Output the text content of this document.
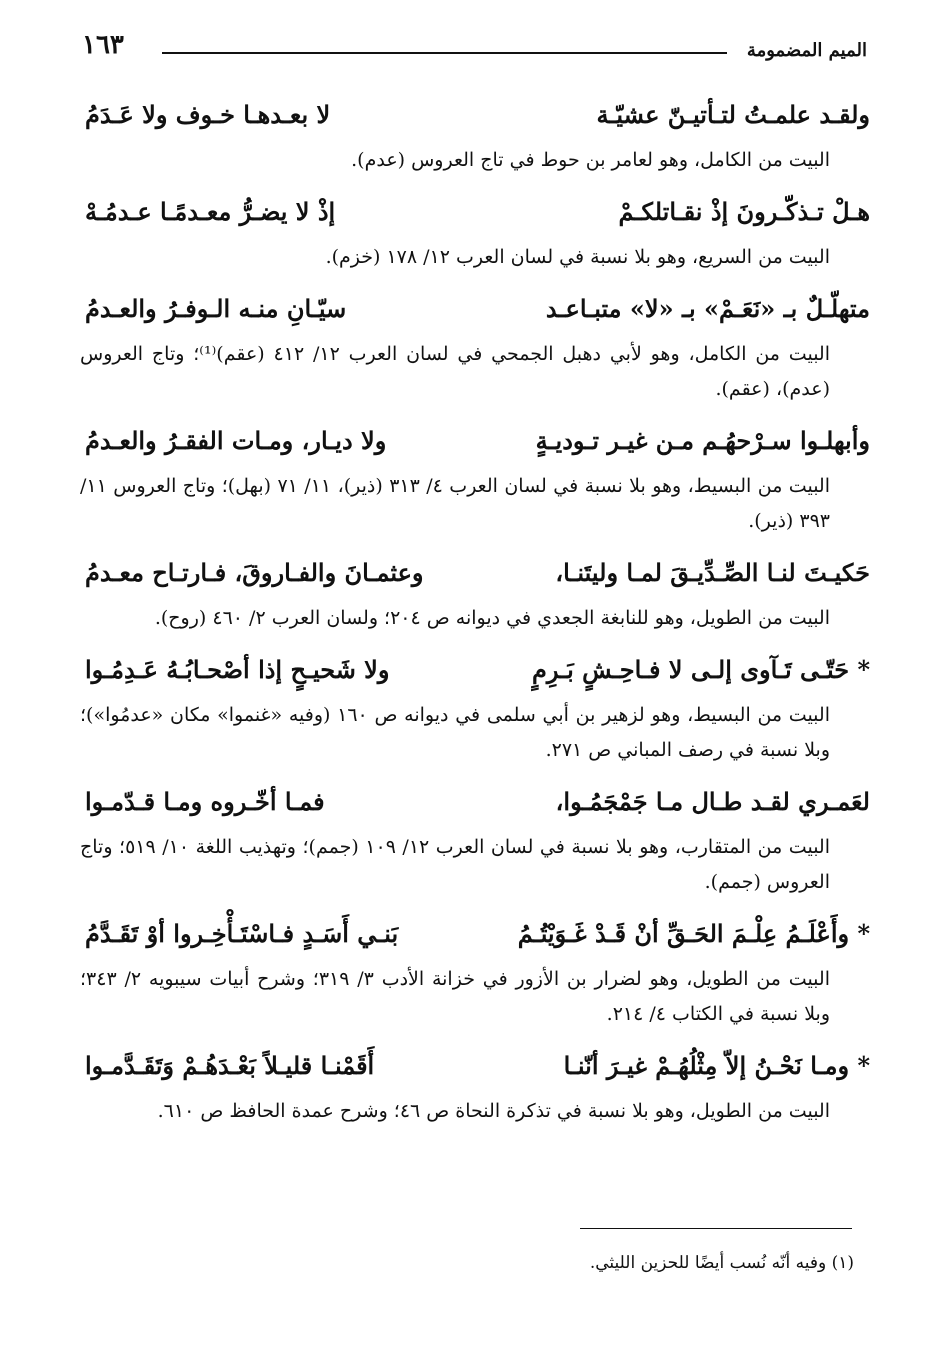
الميم المضمومة
١٦٣
ولقـد علمـتُ لتـأتيـنّ عشيّـة
لا بعـدهـا خـوف ولا عَـدَمُ
البيت من الكامل، وهو لعامر بن حوط في تاج العروس (عدم).
هـلْ تـذكّـرونَ إذْ نقـاتلكـمْ
إذْ لا يضـرُّ معـدمًـا عـدمُـهْ
البيت من السريع، وهو بلا نسبة في لسان العرب ١٢/ ١٧٨ (خزم).
متهلّـلٌ بـ «نَعَـمْ» بـ «لا» متبـاعـد
سيّـانِ منـه الـوفـرُ والعـدمُ
البيت من الكامل، وهو لأبي دهبل الجمحي في لسان العرب ١٢/ ٤١٢ (عقم)⁽¹⁾؛ وتاج العروس (عدم)، (عقم).
وأبهلـوا سـرْحهُـم مـن غيـر تـوديـةٍ
ولا ديـار، ومـات الفقـرُ والعـدمُ
البيت من البسيط، وهو بلا نسبة في لسان العرب ٤/ ٣١٣ (ذير)، ١١/ ٧١ (بهل)؛ وتاج العروس ١١/ ٣٩٣ (ذير).
حَكيـتَ لنـا الصِّـدِّيـقَ لمـا وليتَنـا،
وعثمـانَ والفـاروقَ، فـارتـاح معـدمُ
البيت من الطويل، وهو للنابغة الجعدي في ديوانه ص ٢٠٤؛ ولسان العرب ٢/ ٤٦٠ (روح).
* حَتّـى تَـآوى إلـى لا فـاحِـشٍ بَـرِمٍ
ولا شَحيـحٍ إذا أصْحـابُـهُ عَـدِمُـوا
البيت من البسيط، وهو لزهير بن أبي سلمى في ديوانه ص ١٦٠ (وفيه «غنموا» مكان «عدمُوا»)؛ وبلا نسبة في رصف المباني ص ٢٧١.
لعَمـري لقـد طـال مـا جَمْجَمُـوا،
فمـا أخّـروه ومـا قـدّمـوا
البيت من المتقارب، وهو بلا نسبة في لسان العرب ١٢/ ١٠٩ (جمم)؛ وتهذيب اللغة ١٠/ ٥١٩؛ وتاج العروس (جمم).
* وأَعْلَـمُ عِلْـمَ الحَـقِّ أنْ قَـدْ غَـوَيْتُـمُ
بَنـي أَسَـدٍ فـاسْتَـأْخِـروا أوْ تَقَـدَّمُ
البيت من الطويل، وهو لضرار بن الأزور في خزانة الأدب ٣/ ٣١٩؛ وشرح أبيات سيبويه ٢/ ٣٤٣؛ وبلا نسبة في الكتاب ٤/ ٢١٤.
* ومـا نَحْـنُ إلاّ مِثْلُهُـمْ غيـرَ أنّنـا
أَقَمْنـا قليـلاً بَعْـدَهُـمْ وَتَقَـدَّمـوا
البيت من الطويل، وهو بلا نسبة في تذكرة النحاة ص ٤٦؛ وشرح عمدة الحافظ ص ٦١٠.
(١) وفيه أنّه نُسب أيضًا للحزين الليثي.
